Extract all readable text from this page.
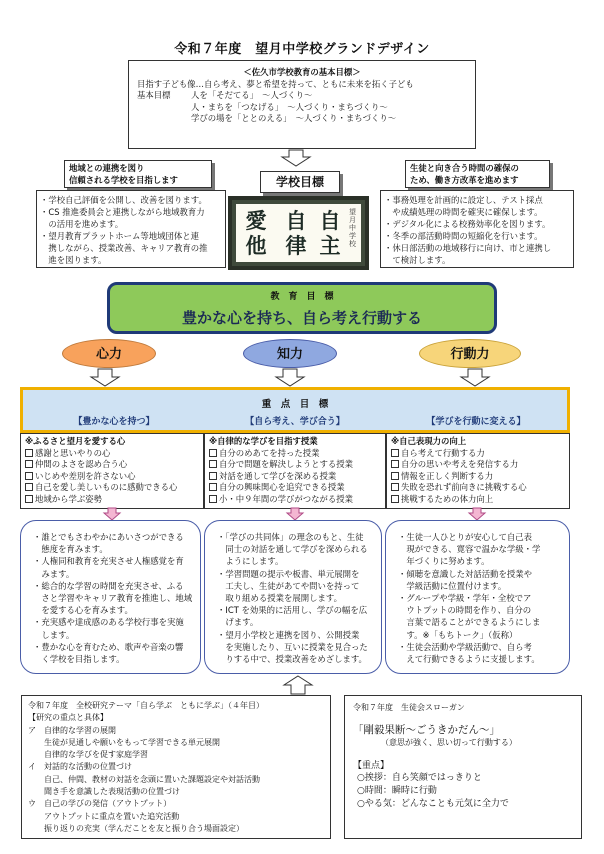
令和７年度　望月中学校グランドデザイン
＜佐久市学校教育の基本目標＞
目指す子ども像…自ら考え、夢と希望を持って、ともに未来を拓く子ども
基本目標 人を「そだてる」　～人づくり～
人・まちを「つなげる」　～人づくり・まちづくり～
学びの場を「ととのえる」　～人づくり・まちづくり～
地域との連携を図り
信頼される学校を目指します
生徒と向き合う時間の確保の
ため、働き方改革を進めます
学校目標
愛
他
自
律
自
主
望月中学校
・学校自己評価を公開し、改善を図ります。
・CS 推進委員会と連携しながら地域教育力
　の活用を進めます。
・望月教育プラットホーム等地域団体と連
　携しながら、授業改善、キャリア教育の推
　進を図ります。
・事務処理を計画的に設定し、テスト採点
　や成績処理の時間を確実に確保します。
・デジタル化による校務効率化を図ります。
・冬季の部活動時間の短縮化を行います。
・休日部活動の地域移行に向け、市と連携し
　て検討します。
教　育　目　標
豊かな心を持ち、自ら考え行動する
心力	知力	行動力
重　点　目　標
【豊かな心を持つ】	【自ら考え、学び合う】	【学びを行動に変える】
※ふるさと望月を愛する心
感謝と思いやりの心
仲間のよさを認め合う心
いじめや差別を許さない心
自己を愛し美しいものに感動できる心
地域から学ぶ姿勢
※自律的な学びを目指す授業
自分のめあてを持った授業
自分で問題を解決しようとする授業
対話を通して学びを深める授業
自分の興味関心を追究できる授業
小・中９年間の学びがつながる授業
※自己表現力の向上
自ら考えて行動する力
自分の思いや考えを発信する力
情報を正しく判断する力
失敗を恐れず前向きに挑戦する心
挑戦するための体力向上
・誰とでもさわやかにあいさつができる
　態度を育みます。
・人権同和教育を充実させ人権感覚を育
　みます。
・総合的な学習の時間を充実させ、ふる
　さと学習やキャリア教育を推進し、地域
　を愛する心を育みます。
・充実感や達成感のある学校行事を実施
　します。
・豊かな心を育むため、歌声や音楽の響
　く学校を目指します。
・「学びの共同体」の理念のもと、生徒
　同士の対話を通して学びを深められる
　ようにします。
・学習問題の提示や板書、単元展開を
　工夫し、生徒があてや問いを持って
　取り組める授業を展開します。
・ICT を効果的に活用し、学びの幅を広
　げます。
・望月小学校と連携を図り、公開授業
　を実施したり、互いに授業を見合った
　りする中で、授業改善をめざします。
・生徒一人ひとりが安心して自己表
　現ができる、寛容で温かな学級・学
　年づくりに努めます。
・傾聴を意識した対話活動を授業や
　学級活動に位置付けます。
・グループや学級・学年・全校でア
　ウトプットの時間を作り、自分の
　言葉で語ることができるようにしま
　す。※「もちトーク」（仮称）
・生徒会活動や学級活動で、自ら考
　えて行動できるように支援します。
令和７年度　全校研究テーマ「自ら学ぶ　ともに学ぶ」（４年目）
【研究の重点と具体】
ア　自律的な学習の展開
　　生徒が見通しや願いをもって学習できる単元展開
　　自律的な学びを促す家庭学習
イ　対話的な活動の位置づけ
　　自己、仲間、教材の対話を念頭に置いた課題設定や対話活動
　　聞き手を意識した表現活動の位置づけ
ウ　自己の学びの発信（アウトプット）
　　アウトプットに重点を置いた追究活動
　　振り返りの充実（学んだことを友と振り合う場面設定）
令和７年度　生徒会スローガン
「剛毅果断～ごうきかだん～」
（意思が強く、思い切って行動する）
【重点】
○挨拶：自ら笑顔ではっきりと
○時間：瞬時に行動
○やる気：どんなことも元気に全力で
